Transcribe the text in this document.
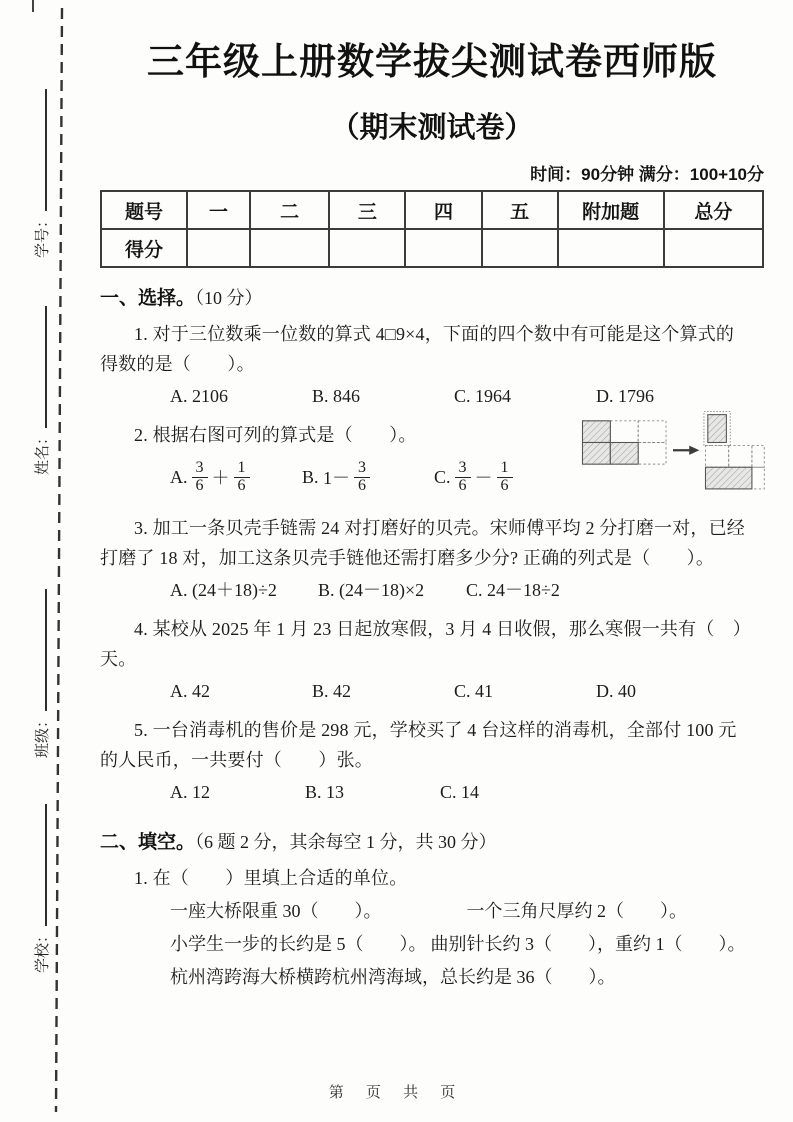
学号：
姓名：
班级：
学校：
三年级上册数学拔尖测试卷西师版
（期末测试卷）
时间：90分钟 满分：100+10分
题号	一	二	三	四	五	附加题	总分
得分							
一、选择。（10 分）
1. 对于三位数乘一位数的算式 4□9×4，下面的四个数中有可能是这个算式的
得数的是（　　）。
A. 2106	B. 846	C. 1964	D. 1796
2. 根据右图可列的算式是（　　）。
A. $\frac{3}{6} + \frac{1}{6}$	B.
$1- \frac{3}{6}$	C. $\frac{3}{6} - \frac{1}{6}$
3. 加工一条贝壳手链需 24 对打磨好的贝壳。宋师傅平均 2 分打磨一对，已经
打磨了 18 对，加工这条贝壳手链他还需打磨多少分? 正确的列式是（　　）。
A. (24＋18)÷2	B. (24－18)×2	C. 24－18÷2
4. 某校从 2025 年 1 月 23 日起放寒假，3 月 4 日收假，那么寒假一共有（　）
天。
A. 42	B. 42	C. 41	D. 40
5. 一台消毒机的售价是 298 元，学校买了 4 台这样的消毒机，全部付 100 元
的人民币，一共要付（　　）张。
A. 12	B. 13	C. 14
二、填空。（6 题 2 分，其余每空 1 分，共 30 分）
1. 在（　　）里填上合适的单位。
一座大桥限重 30（　　）。	一个三角尺厚约 2（　　）。
小学生一步的长约是 5（　　）。 曲别针长约 3（　　），重约 1（　　）。
杭州湾跨海大桥横跨杭州湾海域，总长约是 36（　　）。
第 页 共 页
